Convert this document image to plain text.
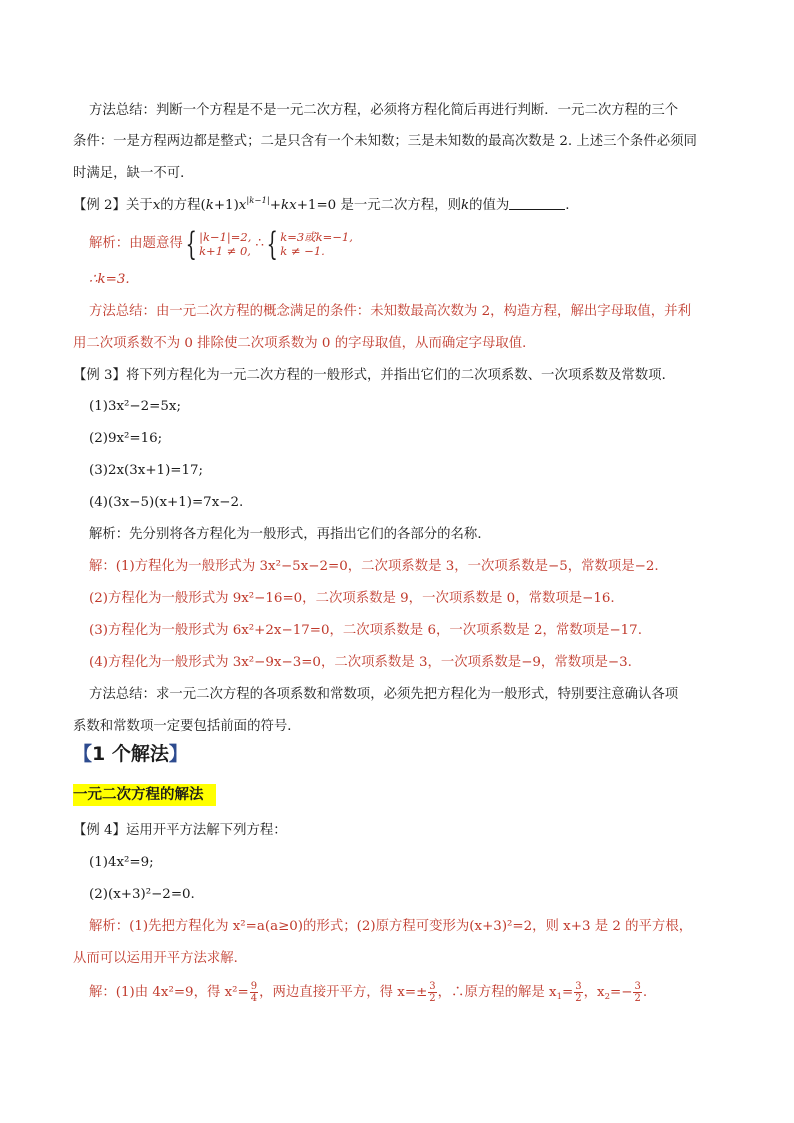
方法总结：判断一个方程是不是一元二次方程，必须将方程化简后再进行判断．一元二次方程的三个
条件：一是方程两边都是整式；二是只含有一个未知数；三是未知数的最高次数是 2. 上述三个条件必须同
时满足，缺一不可．
【例 2】关于x的方程$(k+1)x^{|k-1|}+kx+1=0$ 是一元二次方程，则k的值为	.
解析：由题意得{ |k−1|=2,
k+1 ≠ 0, ∴{ k=3或k=−1,
k ≠ −1.
∴k=3.
方法总结：由一元二次方程的概念满足的条件：未知数最高次数为 2，构造方程，解出字母取值，并利
用二次项系数不为 0 排除使二次项系数为 0 的字母取值，从而确定字母取值．
【例 3】将下列方程化为一元二次方程的一般形式，并指出它们的二次项系数、一次项系数及常数项．
(1)3x²−2=5x;
(2)9x²=16;
(3)2x(3x+1)=17;
(4)(3x−5)(x+1)=7x−2.
解析：先分别将各方程化为一般形式，再指出它们的各部分的名称．
解：(1)方程化为一般形式为 3x²−5x−2=0，二次项系数是 3，一次项系数是−5，常数项是−2.
(2)方程化为一般形式为 9x²−16=0，二次项系数是 9，一次项系数是 0，常数项是−16.
(3)方程化为一般形式为 6x²+2x−17=0，二次项系数是 6，一次项系数是 2，常数项是−17.
(4)方程化为一般形式为 3x²−9x−3=0，二次项系数是 3，一次项系数是−9，常数项是−3.
方法总结：求一元二次方程的各项系数和常数项，必须先把方程化为一般形式，特别要注意确认各项
系数和常数项一定要包括前面的符号．
【1 个解法】
一元二次方程的解法
【例 4】运用开平方法解下列方程：
(1)4x²=9;
(2)(x+3)²−2=0.
解析：(1)先把方程化为 x²=a(a≥0)的形式；(2)原方程可变形为(x+3)²=2，则 x+3 是 2 的平方根，
从而可以运用开平方法求解．
解：(1)由 4x²=9，得 $x^2= \frac{9}{4}$ ，两边直接开平方，得 $x=\pm \frac{3}{2}$ ，∴原方程的解是 $x_1= \frac{3}{2}$ ，$x_2=- \frac{3}{2}$ .
